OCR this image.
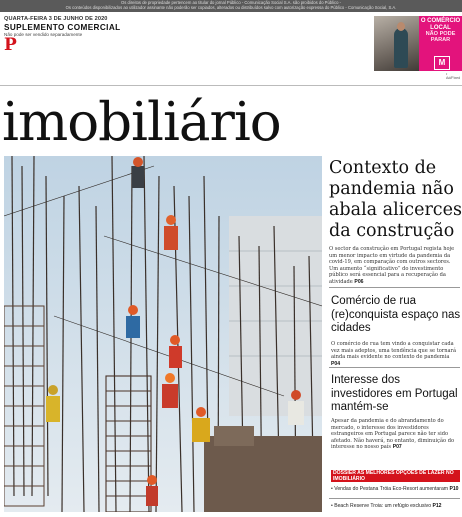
Os direitos de propriedade pertencem ao titular do jornal Público - Comunicação Social S.A. são proibidos do Público -
Os conteúdos disponibilizados ao utilizador assinante não poderão ser copiados, alterados ou distribuídos salvo com autorização expressa do Público - Comunicação Social, S.A.
QUARTA-FEIRA 3 DE JUNHO DE 2020
SUPLEMENTO COMERCIAL
Não pode ser vendido separadamente
P
O COMÉRCIO LOCAL
NÃO PODE PARAR
M
• Ad/Fixed
imobiliário
Contexto de pandemia não abala alicerces da construção
O sector da construção em Portugal regista hoje um menor impacto em virtude da pandemia da covid-19, em comparação com outros sectores. Um aumento “significativo” do investimento público será essencial para a recuperação da atividade P06
Comércio de rua (re)conquista espaço nas cidades
O comércio de rua tem vindo a conquistar cada vez mais adeptos, uma tendência que se tornará ainda mais evidente no contexto de pandemia P04
Interesse dos investidores em Portugal mantém-se
Apesar da pandemia e do abrandamento do mercado, o interesse dos investidores estrangeiros em Portugal parece não ter sido afetado. Não haverá, no entanto, diminuição do interesse no nosso país P07
DOSSIER AS MELHORES OPÇÕES DE LAZER NO IMOBILIÁRIO
• Vendas do Pestana Tróia Eco-Resort aumentaram P10
• Beach Reserve Troia: um refúgio exclusivo P12
